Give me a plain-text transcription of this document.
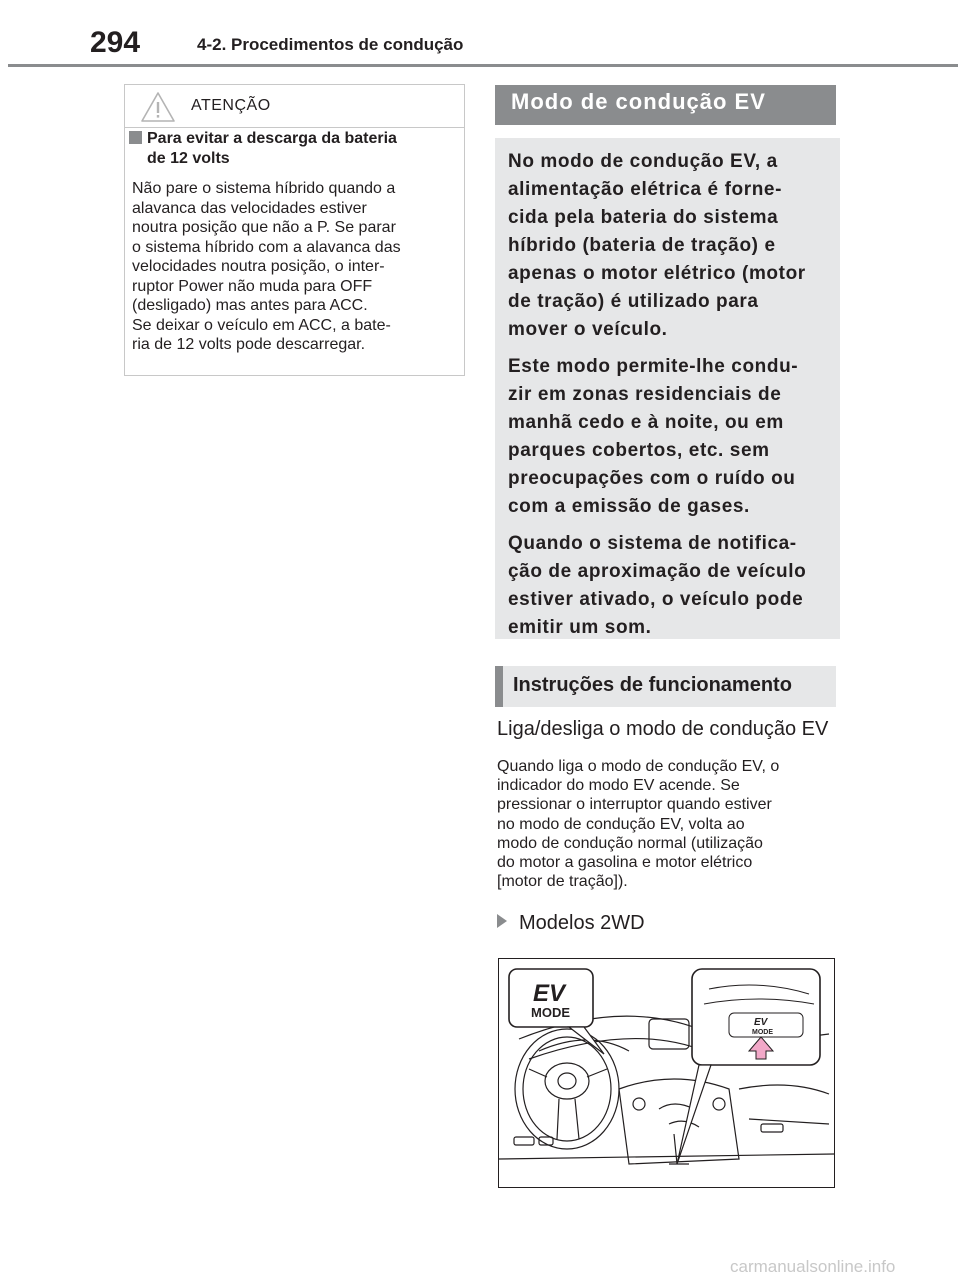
294	4-2. Procedimentos de condução
ATENÇÃO
Para evitar a descarga da bateria
de 12 volts

Não pare o sistema híbrido quando a

alavanca das velocidades estiver

noutra posição que não a P. Se parar

o sistema híbrido com a alavanca das

velocidades noutra posição, o inter-

ruptor Power não muda para OFF

(desligado) mas antes para ACC.

Se deixar o veículo em ACC, a bate-

ria de 12 volts pode descarregar.

Modo de condução EV

No modo de condução EV, a
alimentação elétrica é forne-
cida pela bateria do sistema
híbrido (bateria de tração) e
apenas o motor elétrico (motor
de tração) é utilizado para
mover o veículo.

Este modo permite-lhe condu-
zir em zonas residenciais de
manhã cedo e à noite, ou em
parques cobertos, etc. sem
preocupações com o ruído ou
com a emissão de gases.

Quando o sistema de notifica-
ção de aproximação de veículo
estiver ativado, o veículo pode
emitir um som.

Instruções de funcionamento
Liga/desliga o modo de condução EV
Quando liga o modo de condução EV, o
indicador do modo EV acende. Se
pressionar o interruptor quando estiver
no modo de condução EV, volta ao
modo de condução normal (utilização
do motor a gasolina e motor elétrico
[motor de tração]).
Modelos 2WD
EV
MODE
EV
MODE
carmanualsonline.info
